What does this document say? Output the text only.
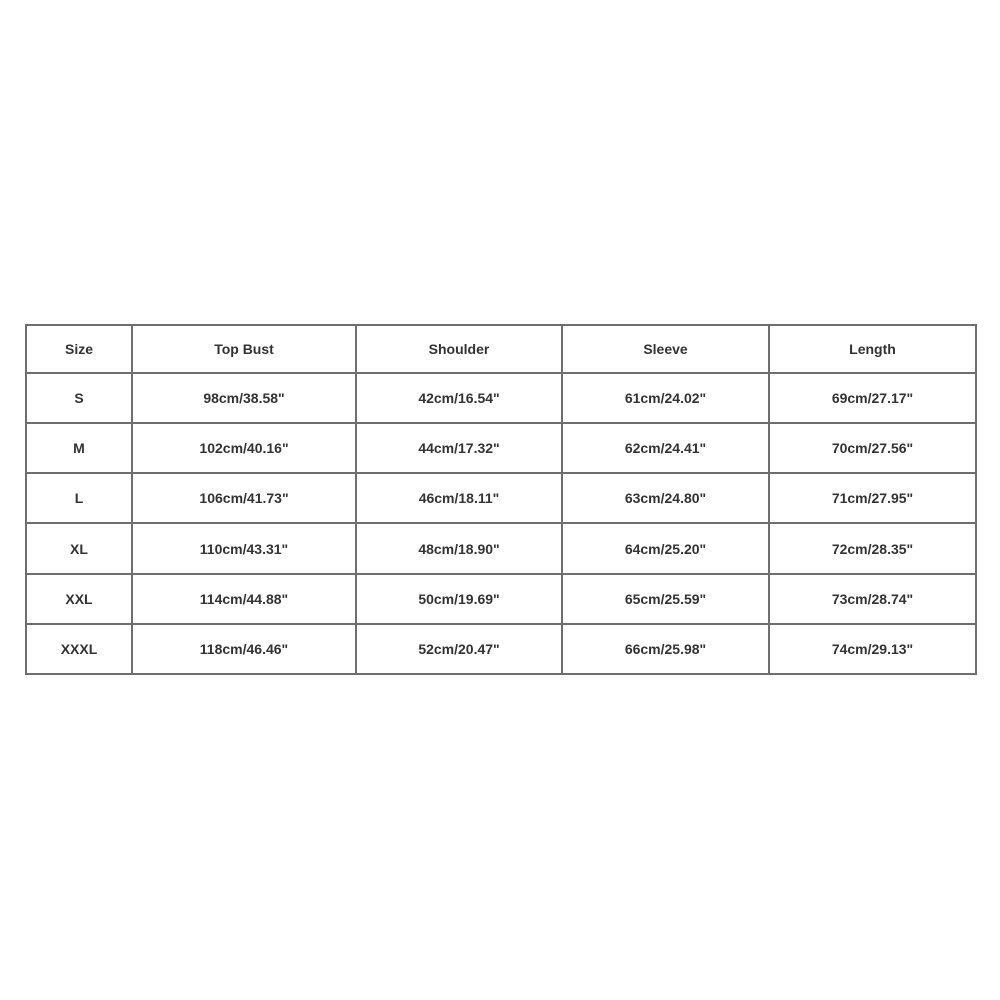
Size	Top Bust	Shoulder	Sleeve	Length
S	98cm/38.58"	42cm/16.54"	61cm/24.02"	69cm/27.17"
M	102cm/40.16"	44cm/17.32"	62cm/24.41"	70cm/27.56"
L	106cm/41.73"	46cm/18.11"	63cm/24.80"	71cm/27.95"
XL	110cm/43.31"	48cm/18.90"	64cm/25.20"	72cm/28.35"
XXL	114cm/44.88"	50cm/19.69"	65cm/25.59"	73cm/28.74"
XXXL	118cm/46.46"	52cm/20.47"	66cm/25.98"	74cm/29.13"
